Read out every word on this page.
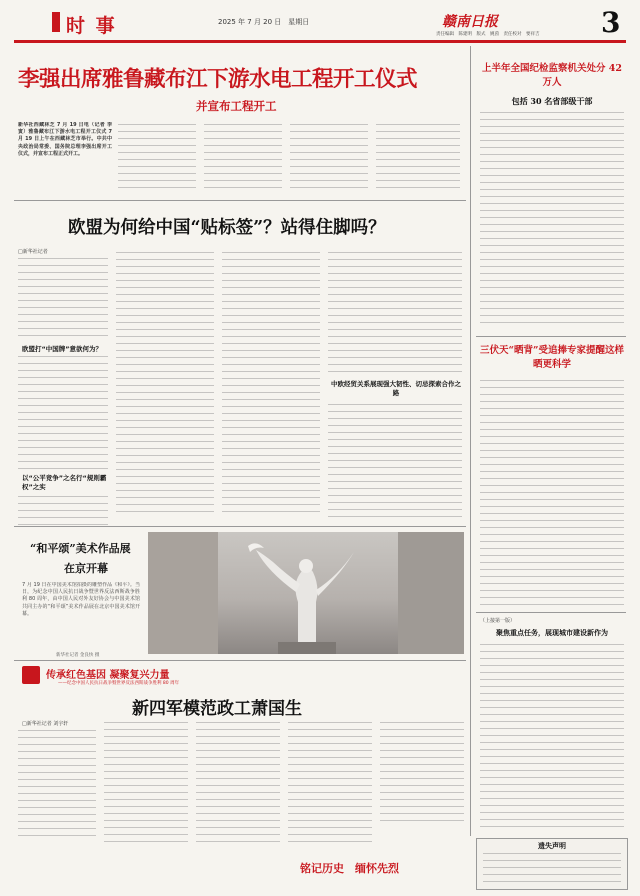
时 事	2025 年 7 月 20 日　星期日	赣南日报
责任编辑　陈建明　版式　姚茵　责任校对　要祥吉 3
李强出席雅鲁藏布江下游水电工程开工仪式
并宣布工程开工
新华社西藏林芝 7 月 19 日电（记者 李寅）雅鲁藏布江下游水电工程开工仪式 7 月 19 日上午在西藏林芝市举行。中共中央政治局常委、国务院总理李强出席开工仪式，并宣布工程正式开工。
欧盟为何给中国“贴标签”？站得住脚吗？
□新华社记者
欧盟打“中国牌”意欲何为？
以“公平竞争”之名行“规则霸权”之实
中欧经贸关系展现强大韧性、切忌探索合作之路
“和平颂”美术作品展
在京开幕
7 月 19 日在中国美术馆拍摄的雕塑作品《和平》。当日，为纪念中国人民抗日战争暨世界反法西斯战争胜利 80 周年，由中国人民对外友好协会与中国美术馆共同主办的“和平颂”美术作品展在北京中国美术馆开幕。
新华社记者 金良快 摄
传承红色基因 凝聚复兴力量
——纪念中国人民抗日战争暨世界反法西斯战争胜利 80 周年
新四军模范政工萧国生
□新华社记者 刘宇轩
铭记历史　缅怀先烈
上半年全国纪检监察机关处分 42 万人
包括 30 名省部级干部
三伏天“晒背”受追捧专家提醒这样晒更科学
（上接第一版）
聚焦重点任务，展现城市建设新作为
遗失声明
